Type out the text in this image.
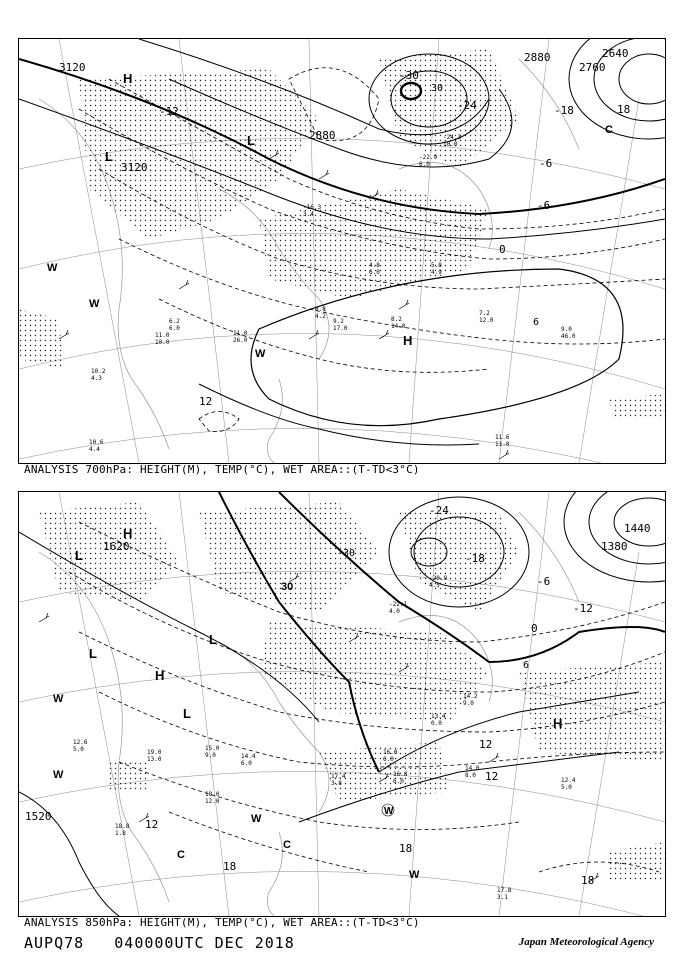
3120
3120
2880
2880	2640
2760
30
-6
-12	-18
-24
-30
0
6
12
18
-6
H
L
L
W
W
W
H
C
11.6
11.0
7.2
12.0
9.0
46.0
8.2
14.0
10.2
4.3
11.0
10.0
6.2
6.0
10.6
4.4
-22.9
6.0
-24.3
10.0
4.8
6.0
5.8
4.9
8.8
4.2
9.2
17.0
11.0
26.0
-16.3
3.4
ANALYSIS 700hPa: HEIGHT(M), TEMP(°C), WET AREA::(T-TD<3°C)
1620	1380
1440
1520
30
-24
-30	-18
-12
-6
0
6
12
12
18
18
18
12
H
L
L
H
L
L
W
W
W
W
W
H
C
C
17.4
3.8
16.8
6.0
14.0
8.0
12.4
5.0
17.8
3.1
16.0
6.0
13.4
0.0
14.2
9.0
-20.9
4.5
-22.1
4.0
19.0
13.0
18.8
1.8
15.0
9.0	14.4
6.0
18.0
12.0
12.6
5.0
ANALYSIS 850hPa: HEIGHT(M), TEMP(°C), WET AREA::(T-TD<3°C)
AUPQ78 040000UTC DEC 2018	Japan Meteorological Agency
